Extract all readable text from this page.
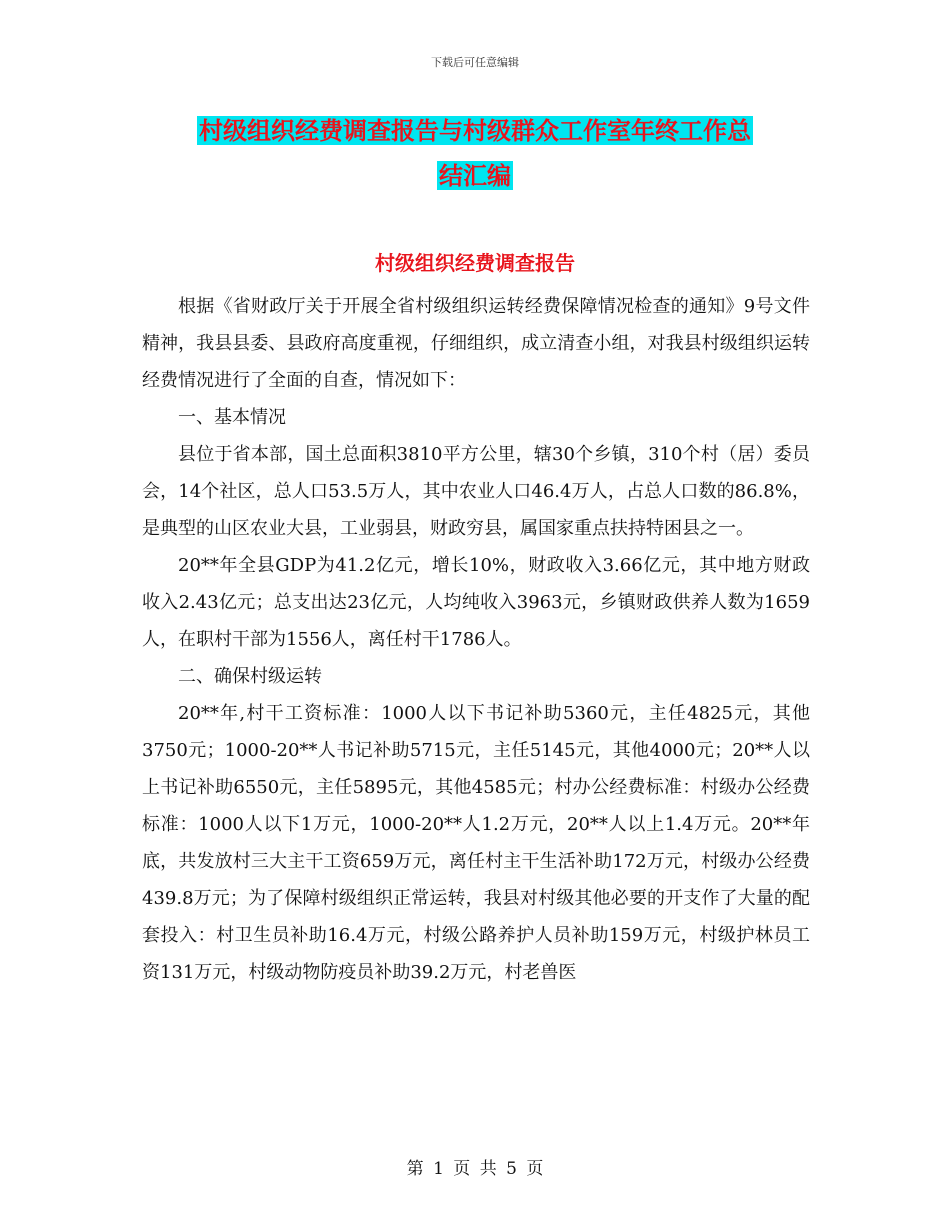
下载后可任意编辑
村级组织经费调查报告与村级群众工作室年终工作总
结汇编
村级组织经费调查报告

根据《省财政厅关于开展全省村级组织运转经费保障情况检查的通知》9号文件精神，我县县委、县政府高度重视，仔细组织，成立清查小组，对我县村级组织运转经费情况进行了全面的自查，情况如下：

一、基本情况

县位于省本部，国土总面积3810平方公里，辖30个乡镇，310个村（居）委员会，14个社区，总人口53.5万人，其中农业人口46.4万人，占总人口数的86.8%，是典型的山区农业大县，工业弱县，财政穷县，属国家重点扶持特困县之一。

20**年全县GDP为41.2亿元，增长10%，财政收入3.66亿元，其中地方财政收入2.43亿元；总支出达23亿元，人均纯收入3963元，乡镇财政供养人数为1659人，在职村干部为1556人，离任村干1786人。

二、确保村级运转

20**年,村干工资标准：1000人以下书记补助5360元，主任4825元，其他3750元；1000-20**人书记补助5715元，主任5145元，其他4000元；20**人以上书记补助6550元，主任5895元，其他4585元；村办公经费标准：村级办公经费标准：1000人以下1万元，1000-20**人1.2万元，20**人以上1.4万元。20**年底，共发放村三大主干工资659万元，离任村主干生活补助172万元，村级办公经费439.8万元；为了保障村级组织正常运转，我县对村级其他必要的开支作了大量的配套投入：村卫生员补助16.4万元，村级公路养护人员补助159万元，村级护林员工资131万元，村级动物防疫员补助39.2万元，村老兽医

第 1 页 共 5 页
